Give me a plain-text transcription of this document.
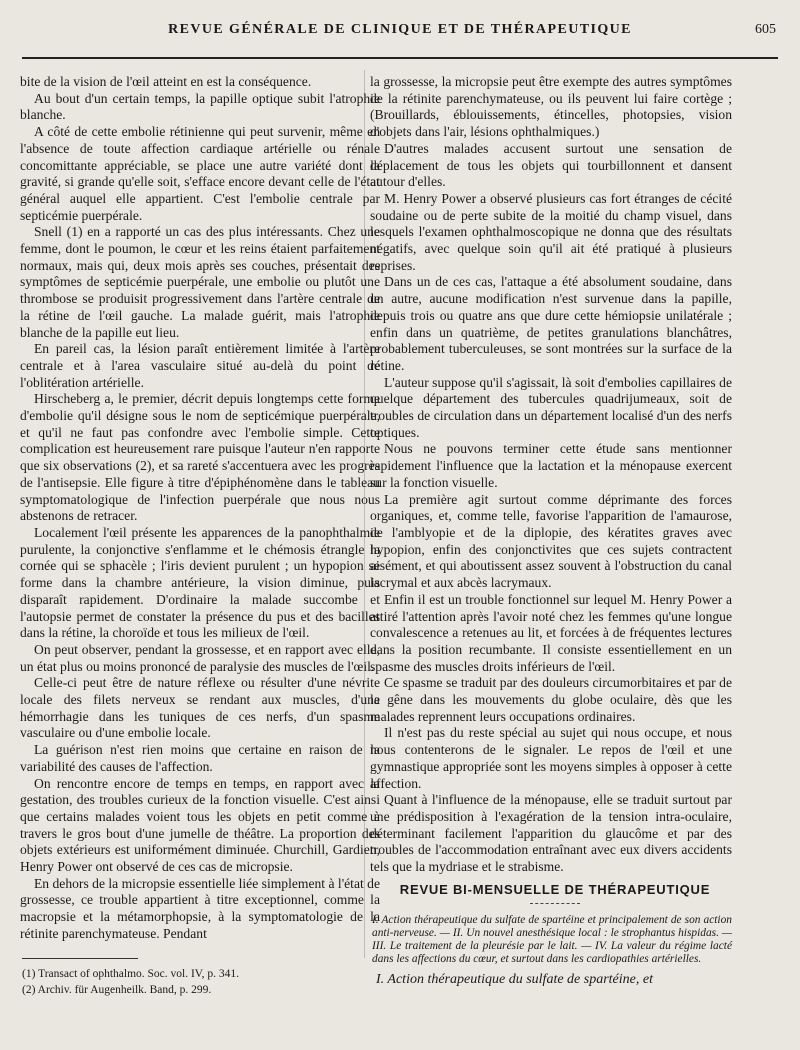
REVUE GÉNÉRALE DE CLINIQUE ET DE THÉRAPEUTIQUE	605

bite de la vision de l'œil atteint en est la conséquence.

Au bout d'un certain temps, la papille optique subit l'atrophie blanche.

A côté de cette embolie rétinienne qui peut survenir, même en l'absence de toute affection cardiaque artérielle ou rénale concomittante appréciable, se place une autre variété dont la gravité, si grande qu'elle soit, s'efface encore devant celle de l'état général auquel elle appartient. C'est l'embolie centrale par septicémie puerpérale.

Snell (1) en a rapporté un cas des plus intéressants. Chez une femme, dont le poumon, le cœur et les reins étaient parfaitement normaux, mais qui, deux mois après ses couches, présentait des symptômes de septicémie puerpérale, une embolie ou plutôt une thrombose se produisit progressivement dans l'artère centrale de la rétine de l'œil gauche. La malade guérit, mais l'atrophie blanche de la papille eut lieu.

En pareil cas, la lésion paraît entièrement limitée à l'artère centrale et à l'area vasculaire situé au-delà du point de l'oblitération artérielle.

Hirscheberg a, le premier, décrit depuis longtemps cette forme d'embolie qu'il désigne sous le nom de septicémique puerpérale, et qu'il ne faut pas confondre avec l'embolie simple. Cette complication est heureusement rare puisque l'auteur n'en rapporte que six observations (2), et sa rareté s'accentuera avec les progrès de l'antisepsie. Elle figure à titre d'épiphénomène dans le tableau symptomatologique de l'infection puerpérale que nous nous abstenons de retracer.

Localement l'œil présente les apparences de la panophthalmie purulente, la conjonctive s'enflamme et le chémosis étrangle la cornée qui se sphacèle ; l'iris devient purulent ; un hypopion se forme dans la chambre antérieure, la vision diminue, puis disparaît rapidement. D'ordinaire la malade succombe et l'autopsie permet de constater la présence du pus et des bacilles dans la rétine, la choroïde et tous les milieux de l'œil.

On peut observer, pendant la grossesse, et en rapport avec elle, un état plus ou moins prononcé de paralysie des muscles de l'œil.

Celle-ci peut être de nature réflexe ou résulter d'une névrite locale des filets nerveux se rendant aux muscles, d'une hémorrhagie dans les tuniques de ces nerfs, d'un spasme vasculaire ou d'une embolie locale.

La guérison n'est rien moins que certaine en raison de la variabilité des causes de l'affection.

On rencontre encore de temps en temps, en rapport avec la gestation, des troubles curieux de la fonction visuelle. C'est ainsi que certains malades voient tous les objets en petit comme à travers le gros bout d'une jumelle de théâtre. La proportion des objets extérieurs est uniformément diminuée. Churchill, Gardien, Henry Power ont observé de ces cas de micropsie.

En dehors de la micropsie essentielle liée simplement à l'état de grossesse, ce trouble appartient à titre exceptionnel, comme la macropsie et la métamorphopsie, à la symptomatologie de la rétinite parenchymateuse. Pendant

la grossesse, la micropsie peut être exempte des autres symptômes de la rétinite parenchymateuse, ou ils peuvent lui faire cortège ; (Brouillards, éblouissements, étincelles, photopsies, vision d'objets dans l'air, lésions ophthalmiques.)

D'autres malades accusent surtout une sensation de déplacement de tous les objets qui tourbillonnent et dansent autour d'elles.

M. Henry Power a observé plusieurs cas fort étranges de cécité soudaine ou de perte subite de la moitié du champ visuel, dans lesquels l'examen ophthalmoscopique ne donna que des résultats négatifs, avec quelque soin qu'il ait été pratiqué à plusieurs reprises.

Dans un de ces cas, l'attaque a été absolument soudaine, dans un autre, aucune modification n'est survenue dans la papille, depuis trois ou quatre ans que dure cette hémiopsie unilatérale ; enfin dans un quatrième, de petites granulations blanchâtres, probablement tuberculeuses, se sont montrées sur la surface de la rétine.

L'auteur suppose qu'il s'agissait, là soit d'embolies capillaires de quelque département des tubercules quadrijumeaux, soit de troubles de circulation dans un département localisé d'un des nerfs optiques.

Nous ne pouvons terminer cette étude sans mentionner rapidement l'influence que la lactation et la ménopause exercent sur la fonction visuelle.

La première agit surtout comme déprimante des forces organiques, et, comme telle, favorise l'apparition de l'amaurose, de l'amblyopie et de la diplopie, des kératites graves avec hypopion, enfin des conjonctivites que ces sujets contractent aisément, et qui aboutissent assez souvent à l'obstruction du canal lacrymal et aux abcès lacrymaux.

Enfin il est un trouble fonctionnel sur lequel M. Henry Power a attiré l'attention après l'avoir noté chez les femmes qu'une longue convalescence a retenues au lit, et forcées à de fréquentes lectures dans la position recumbante. Il consiste essentiellement en un spasme des muscles droits inférieurs de l'œil.

Ce spasme se traduit par des douleurs circumorbitaires et par de la gêne dans les mouvements du globe oculaire, dès que les malades reprennent leurs occupations ordinaires.

Il n'est pas du reste spécial au sujet qui nous occupe, et nous nous contenterons de le signaler. Le repos de l'œil et une gymnastique appropriée sont les moyens simples à opposer à cette affection.

Quant à l'influence de la ménopause, elle se traduit surtout par une prédisposition à l'exagération de la tension intra-oculaire, déterminant facilement l'apparition du glaucôme et par des troubles de l'accommodation entraînant avec eux divers accidents tels que la mydriase et le strabisme.

(1) Transact of ophthalmo. Soc. vol. IV, p. 341.
(2) Archiv. für Augenheilk. Band, p. 299.
REVUE BI-MENSUELLE DE THÉRAPEUTIQUE
I. Action thérapeutique du sulfate de spartéine et principalement de son action anti-nerveuse. — II. Un nouvel anesthésique local : le strophantus hispidas. — III. Le traitement de la pleurésie par le lait. — IV. La valeur du régime lacté dans les affections du cœur, et surtout dans les cardiopathies artérielles.
I. Action thérapeutique du sulfate de spartéine, et
